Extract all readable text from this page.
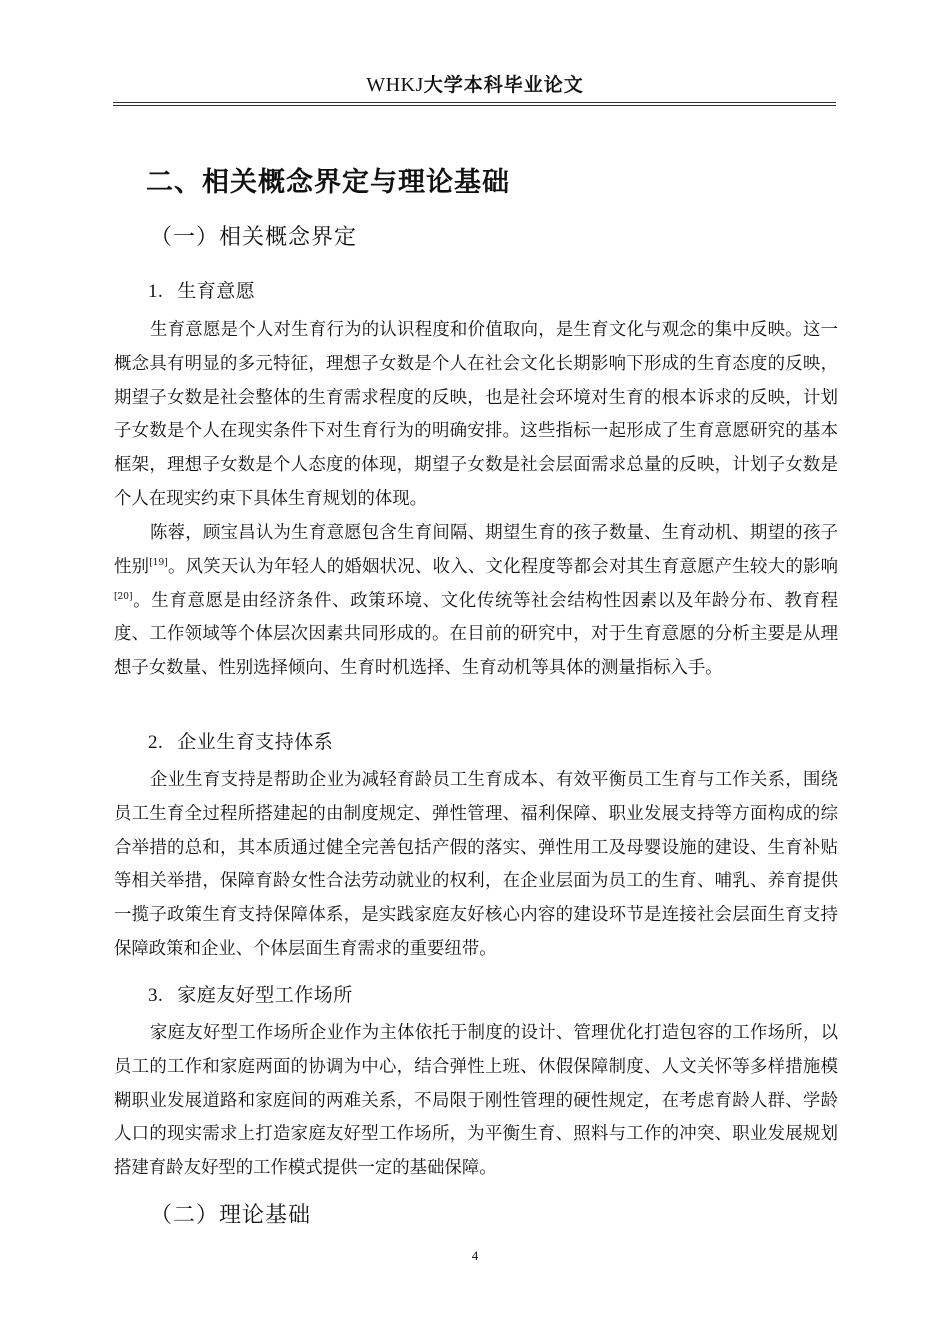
WHKJ大学本科毕业论文
二、相关概念界定与理论基础
（一）相关概念界定
1. 生育意愿

生育意愿是个人对生育行为的认识程度和价值取向，是生育文化与观念的集中反映。这一概念具有明显的多元特征，理想子女数是个人在社会文化长期影响下形成的生育态度的反映，期望子女数是社会整体的生育需求程度的反映，也是社会环境对生育的根本诉求的反映，计划子女数是个人在现实条件下对生育行为的明确安排。这些指标一起形成了生育意愿研究的基本框架，理想子女数是个人态度的体现，期望子女数是社会层面需求总量的反映，计划子女数是个人在现实约束下具体生育规划的体现。

陈蓉，顾宝昌认为生育意愿包含生育间隔、期望生育的孩子数量、生育动机、期望的孩子性别[19]。风笑天认为年轻人的婚姻状况、收入、文化程度等都会对其生育意愿产生较大的影响[20]。生育意愿是由经济条件、政策环境、文化传统等社会结构性因素以及年龄分布、教育程度、工作领域等个体层次因素共同形成的。在目前的研究中，对于生育意愿的分析主要是从理想子女数量、性别选择倾向、生育时机选择、生育动机等具体的测量指标入手。

2. 企业生育支持体系

企业生育支持是帮助企业为减轻育龄员工生育成本、有效平衡员工生育与工作关系，围绕员工生育全过程所搭建起的由制度规定、弹性管理、福利保障、职业发展支持等方面构成的综合举措的总和，其本质通过健全完善包括产假的落实、弹性用工及母婴设施的建设、生育补贴等相关举措，保障育龄女性合法劳动就业的权利，在企业层面为员工的生育、哺乳、养育提供一揽子政策生育支持保障体系，是实践家庭友好核心内容的建设环节是连接社会层面生育支持保障政策和企业、个体层面生育需求的重要纽带。

3. 家庭友好型工作场所

家庭友好型工作场所企业作为主体依托于制度的设计、管理优化打造包容的工作场所，以员工的工作和家庭两面的协调为中心，结合弹性上班、休假保障制度、人文关怀等多样措施模糊职业发展道路和家庭间的两难关系，不局限于刚性管理的硬性规定，在考虑育龄人群、学龄人口的现实需求上打造家庭友好型工作场所，为平衡生育、照料与工作的冲突、职业发展规划搭建育龄友好型的工作模式提供一定的基础保障。

（二）理论基础
4
